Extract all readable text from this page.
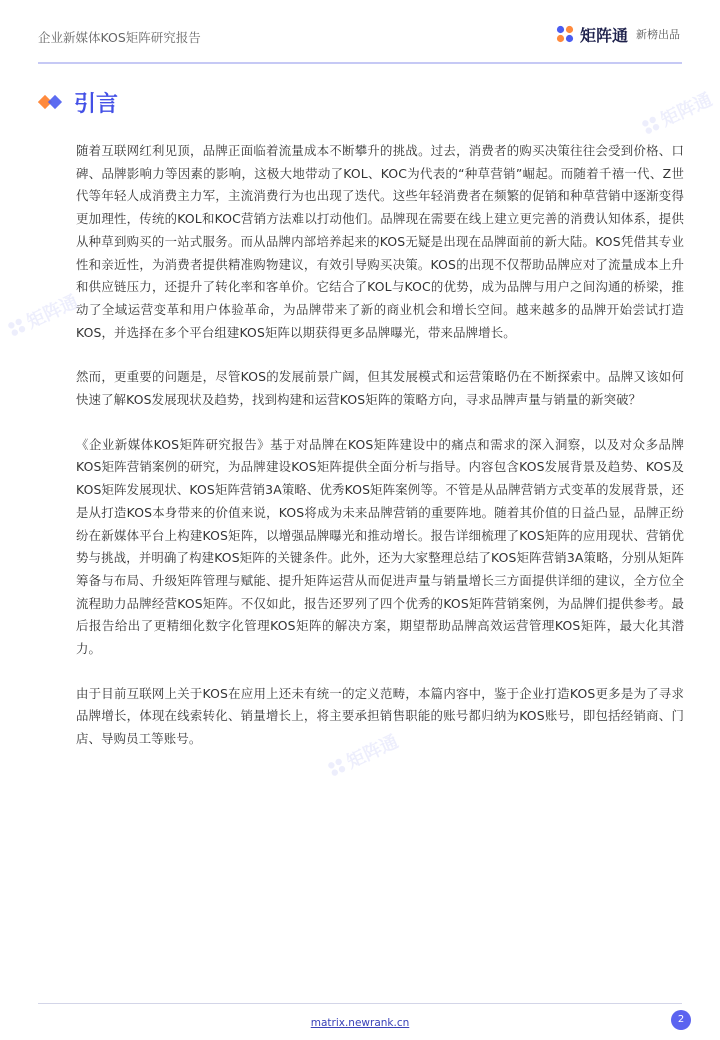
企业新媒体KOS矩阵研究报告	矩阵通 新榜出品
引言
矩阵通
矩阵通
矩阵通

随着互联网红利见顶，品牌正面临着流量成本不断攀升的挑战。过去，消费者的购买决策往往会受到价格、口碑、品牌影响力等因素的影响，这极大地带动了KOL、KOC为代表的“种草营销”崛起。而随着千禧一代、Z世代等年轻人成消费主力军，主流消费行为也出现了迭代。这些年轻消费者在频繁的促销和种草营销中逐渐变得更加理性，传统的KOL和KOC营销方法难以打动他们。品牌现在需要在线上建立更完善的消费认知体系，提供从种草到购买的一站式服务。而从品牌内部培养起来的KOS无疑是出现在品牌面前的新大陆。KOS凭借其专业性和亲近性，为消费者提供精准购物建议，有效引导购买决策。KOS的出现不仅帮助品牌应对了流量成本上升和供应链压力，还提升了转化率和客单价。它结合了KOL与KOC的优势，成为品牌与用户之间沟通的桥梁，推动了全域运营变革和用户体验革命，为品牌带来了新的商业机会和增长空间。越来越多的品牌开始尝试打造KOS，并选择在多个平台组建KOS矩阵以期获得更多品牌曝光，带来品牌增长。

然而，更重要的问题是，尽管KOS的发展前景广阔，但其发展模式和运营策略仍在不断探索中。品牌又该如何快速了解KOS发展现状及趋势，找到构建和运营KOS矩阵的策略方向，寻求品牌声量与销量的新突破？

《企业新媒体KOS矩阵研究报告》基于对品牌在KOS矩阵建设中的痛点和需求的深入洞察，以及对众多品牌KOS矩阵营销案例的研究，为品牌建设KOS矩阵提供全面分析与指导。内容包含KOS发展背景及趋势、KOS及KOS矩阵发展现状、KOS矩阵营销3A策略、优秀KOS矩阵案例等。不管是从品牌营销方式变革的发展背景，还是从打造KOS本身带来的价值来说，KOS将成为未来品牌营销的重要阵地。随着其价值的日益凸显，品牌正纷纷在新媒体平台上构建KOS矩阵，以增强品牌曝光和推动增长。报告详细梳理了KOS矩阵的应用现状、营销优势与挑战，并明确了构建KOS矩阵的关键条件。此外，还为大家整理总结了KOS矩阵营销3A策略，分别从矩阵筹备与布局、升级矩阵管理与赋能、提升矩阵运营从而促进声量与销量增长三方面提供详细的建议，全方位全流程助力品牌经营KOS矩阵。不仅如此，报告还罗列了四个优秀的KOS矩阵营销案例，为品牌们提供参考。最后报告给出了更精细化数字化管理KOS矩阵的解决方案，期望帮助品牌高效运营管理KOS矩阵，最大化其潜力。

由于目前互联网上关于KOS在应用上还未有统一的定义范畴，本篇内容中，鉴于企业打造KOS更多是为了寻求品牌增长，体现在线索转化、销量增长上，将主要承担销售职能的账号都归纳为KOS账号，即包括经销商、门店、导购员工等账号。

matrix.newrank.cn	2
